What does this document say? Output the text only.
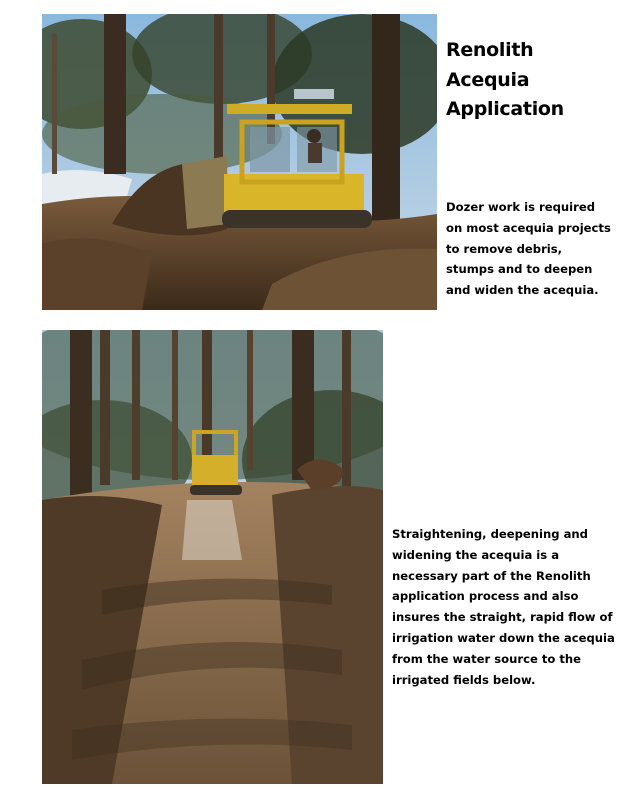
Renolith
Acequia
Application
Dozer work is required
on most acequia projects
to remove debris,
stumps and to deepen
and widen the acequia.
Straightening, deepening and
widening the acequia is a
necessary part of the Renolith
application process and also
insures the straight, rapid flow of
irrigation water down the acequia
from the water source to the
irrigated fields below.
